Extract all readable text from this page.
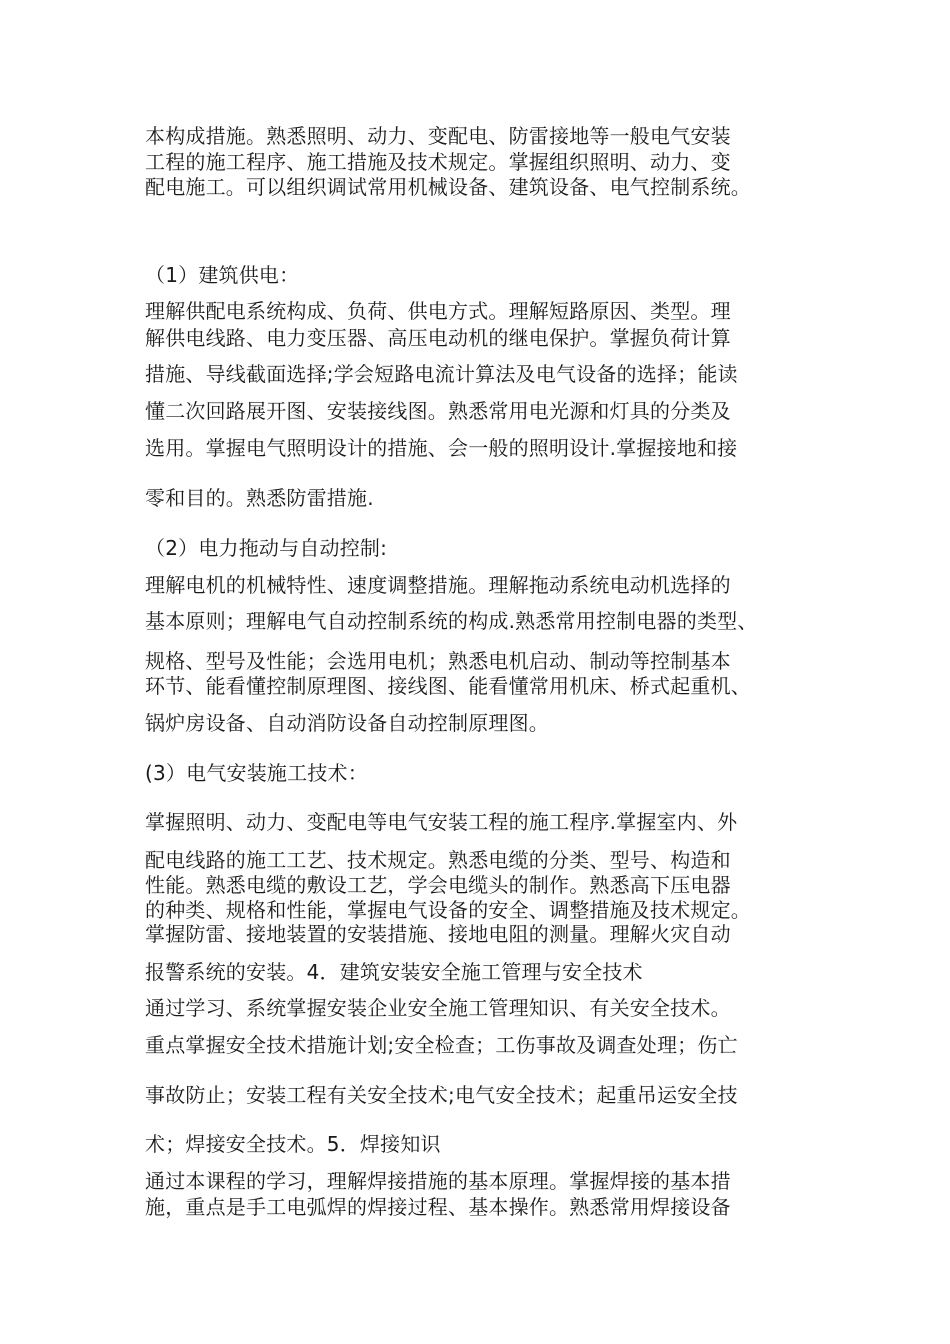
本构成措施。熟悉照明、动力、变配电、防雷接地等一般电气安装
工程的施工程序、施工措施及技术规定。掌握组织照明、动力、变
配电施工。可以组织调试常用机械设备、建筑设备、电气控制系统。
（1）建筑供电：
理解供配电系统构成、负荷、供电方式。理解短路原因、类型。理
解供电线路、电力变压器、高压电动机的继电保护。掌握负荷计算
措施、导线截面选择;学会短路电流计算法及电气设备的选择；能读
懂二次回路展开图、安装接线图。熟悉常用电光源和灯具的分类及
选用。掌握电气照明设计的措施、会一般的照明设计.掌握接地和接
零和目的。熟悉防雷措施.
（2）电力拖动与自动控制:
理解电机的机械特性、速度调整措施。理解拖动系统电动机选择的
基本原则；理解电气自动控制系统的构成.熟悉常用控制电器的类型、
规格、型号及性能；会选用电机；熟悉电机启动、制动等控制基本
环节、能看懂控制原理图、接线图、能看懂常用机床、桥式起重机、
锅炉房设备、自动消防设备自动控制原理图。
(3）电气安装施工技术：
掌握照明、动力、变配电等电气安装工程的施工程序.掌握室内、外
配电线路的施工工艺、技术规定。熟悉电缆的分类、型号、构造和
性能。熟悉电缆的敷设工艺，学会电缆头的制作。熟悉高下压电器
的种类、规格和性能，掌握电气设备的安全、调整措施及技术规定。
掌握防雷、接地装置的安装措施、接地电阻的测量。理解火灾自动
报警系统的安装。4．建筑安装安全施工管理与安全技术
通过学习、系统掌握安装企业安全施工管理知识、有关安全技术。
重点掌握安全技术措施计划;安全检查；工伤事故及调查处理；伤亡
事故防止；安装工程有关安全技术;电气安全技术；起重吊运安全技
术；焊接安全技术。5．焊接知识
通过本课程的学习，理解焊接措施的基本原理。掌握焊接的基本措
施，重点是手工电弧焊的焊接过程、基本操作。熟悉常用焊接设备
